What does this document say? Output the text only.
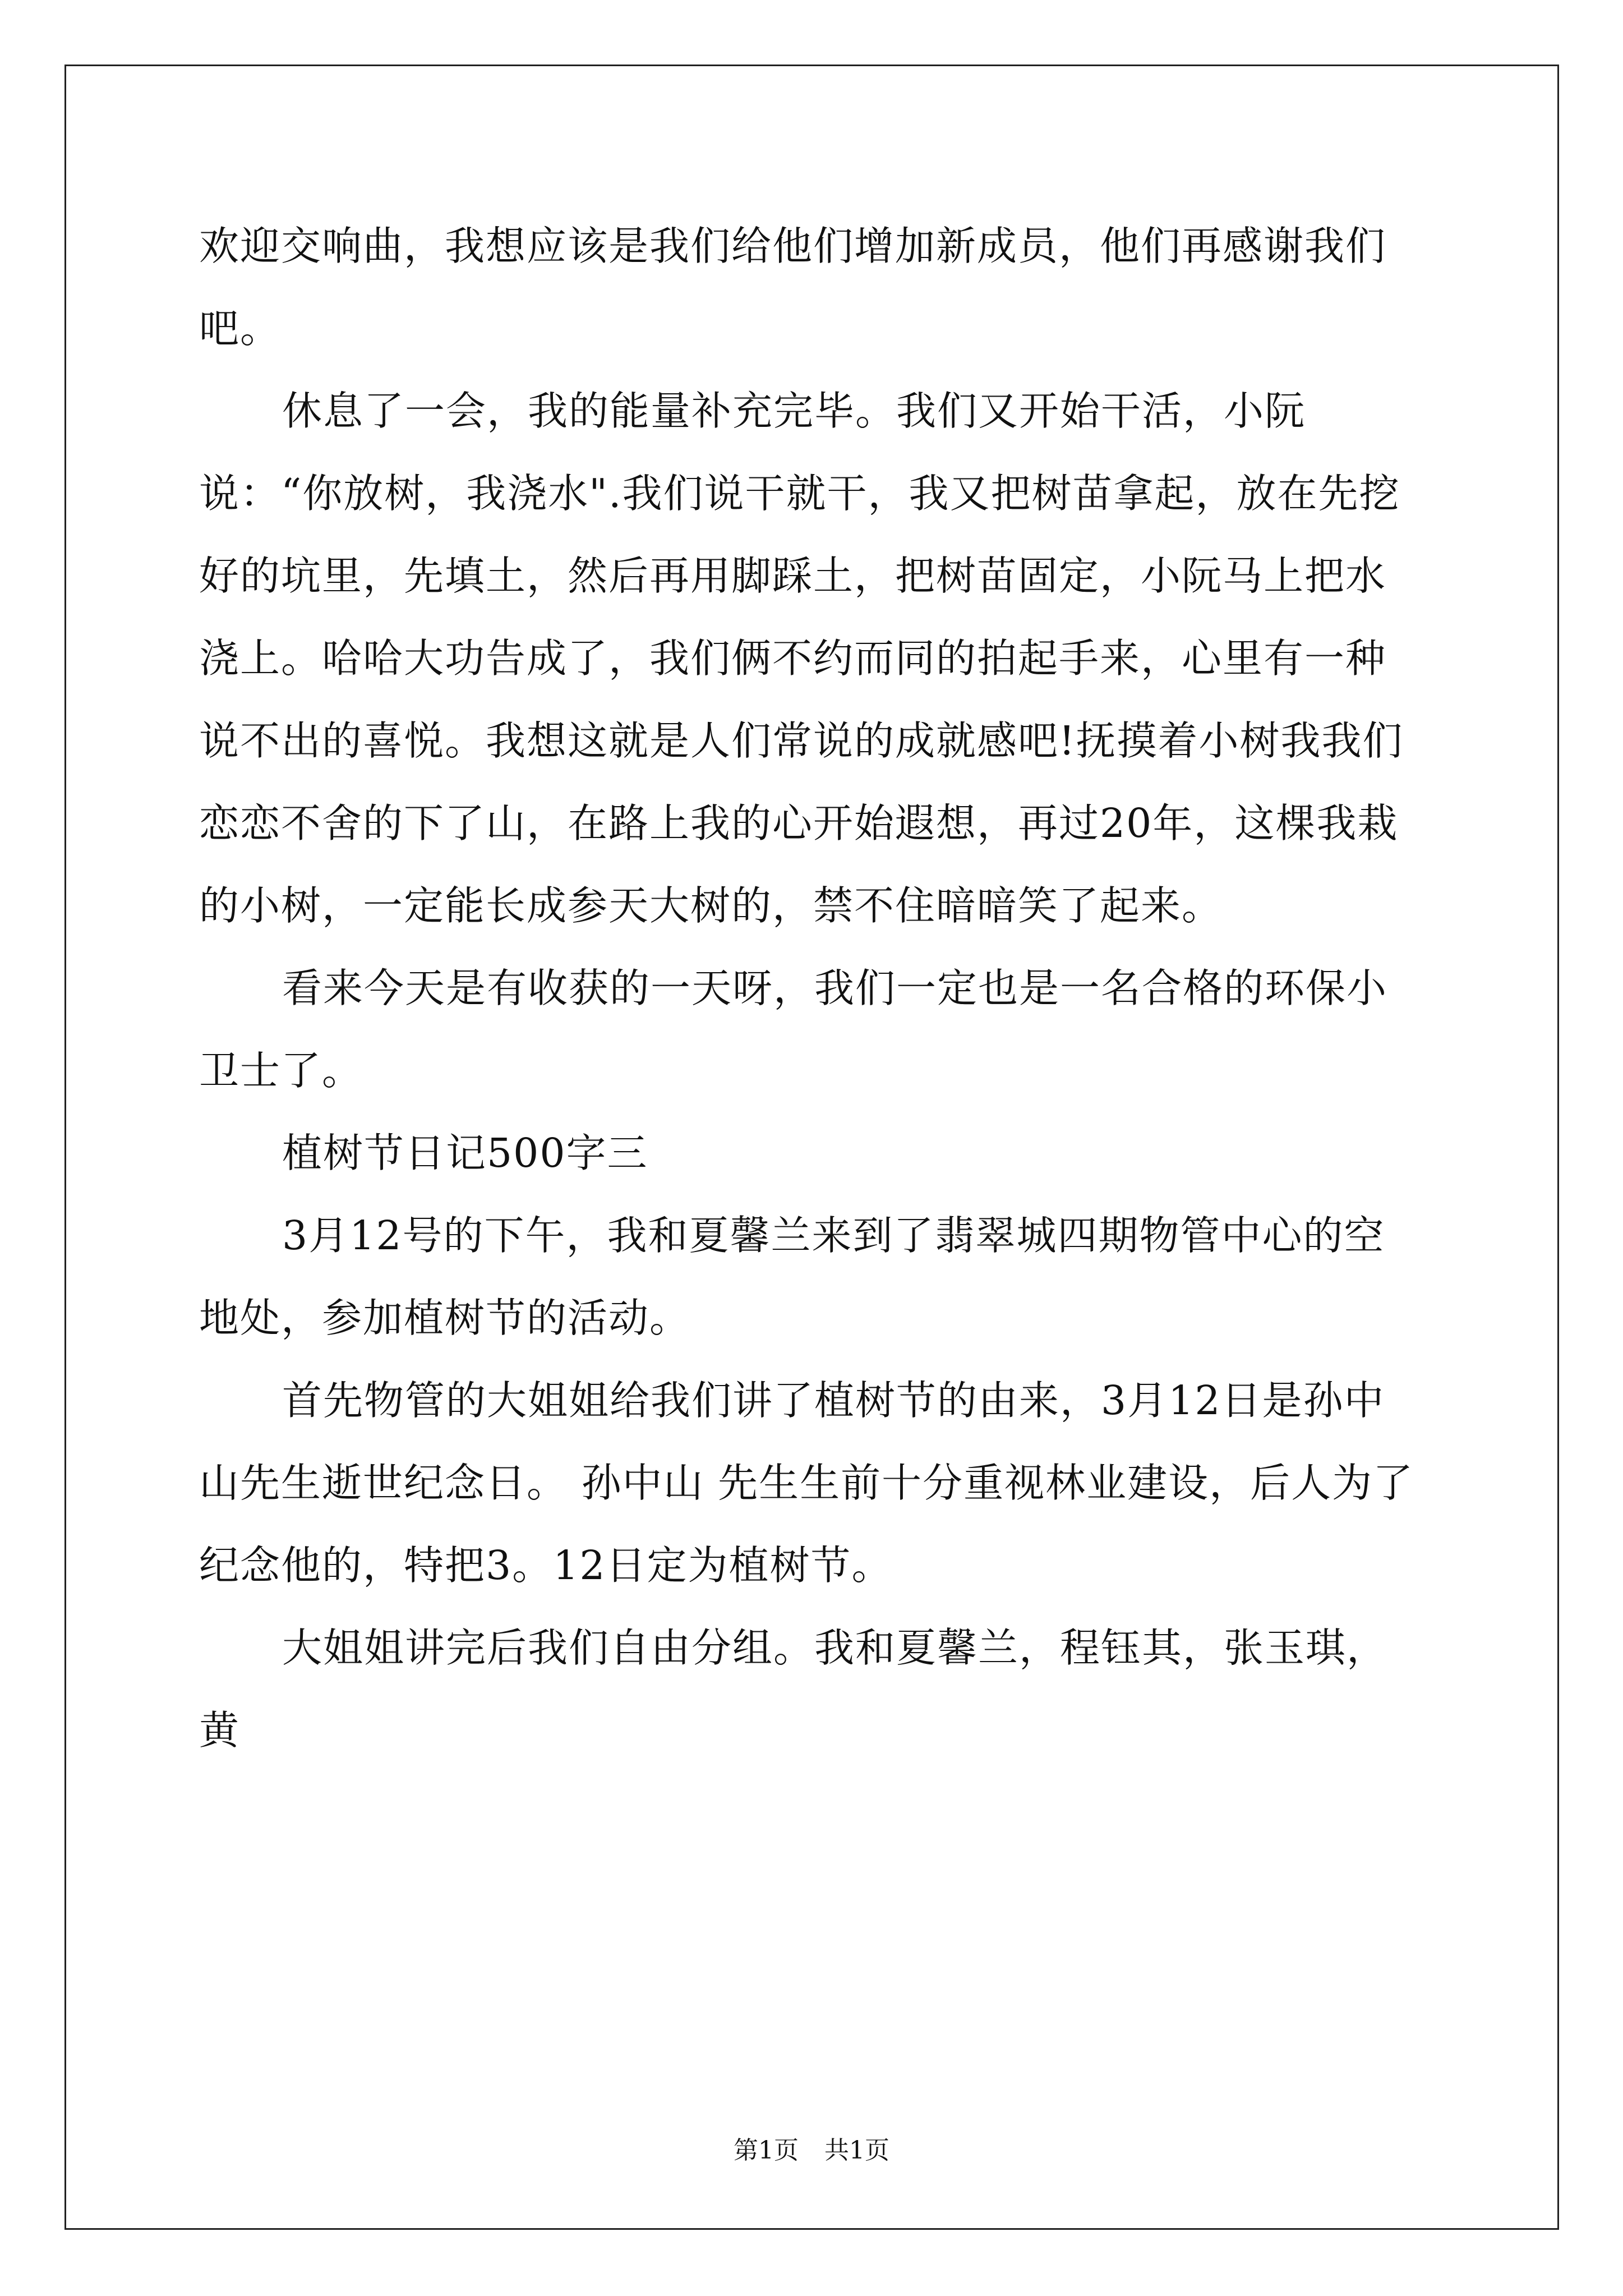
欢迎交响曲，我想应该是我们给他们增加新成员，他们再感谢我们吧。

休息了一会，我的能量补充完毕。我们又开始干活，小阮说：“你放树，我浇水".我们说干就干，我又把树苗拿起，放在先挖好的坑里，先填土，然后再用脚踩土，把树苗固定，小阮马上把水浇上。哈哈大功告成了，我们俩不约而同的拍起手来，心里有一种说不出的喜悦。我想这就是人们常说的成就感吧!抚摸着小树我我们恋恋不舍的下了山，在路上我的心开始遐想，再过20年，这棵我栽的小树，一定能长成参天大树的，禁不住暗暗笑了起来。

看来今天是有收获的一天呀，我们一定也是一名合格的环保小卫士了。

植树节日记500字三

3月12号的下午，我和夏馨兰来到了翡翠城四期物管中心的空地处，参加植树节的活动。

首先物管的大姐姐给我们讲了植树节的由来，3月12日是孙中山先生逝世纪念日。 孙中山 先生生前十分重视林业建设，后人为了纪念他的，特把3。12日定为植树节。

大姐姐讲完后我们自由分组。我和夏馨兰，程钰其，张玉琪，黄

第1页 共1页
